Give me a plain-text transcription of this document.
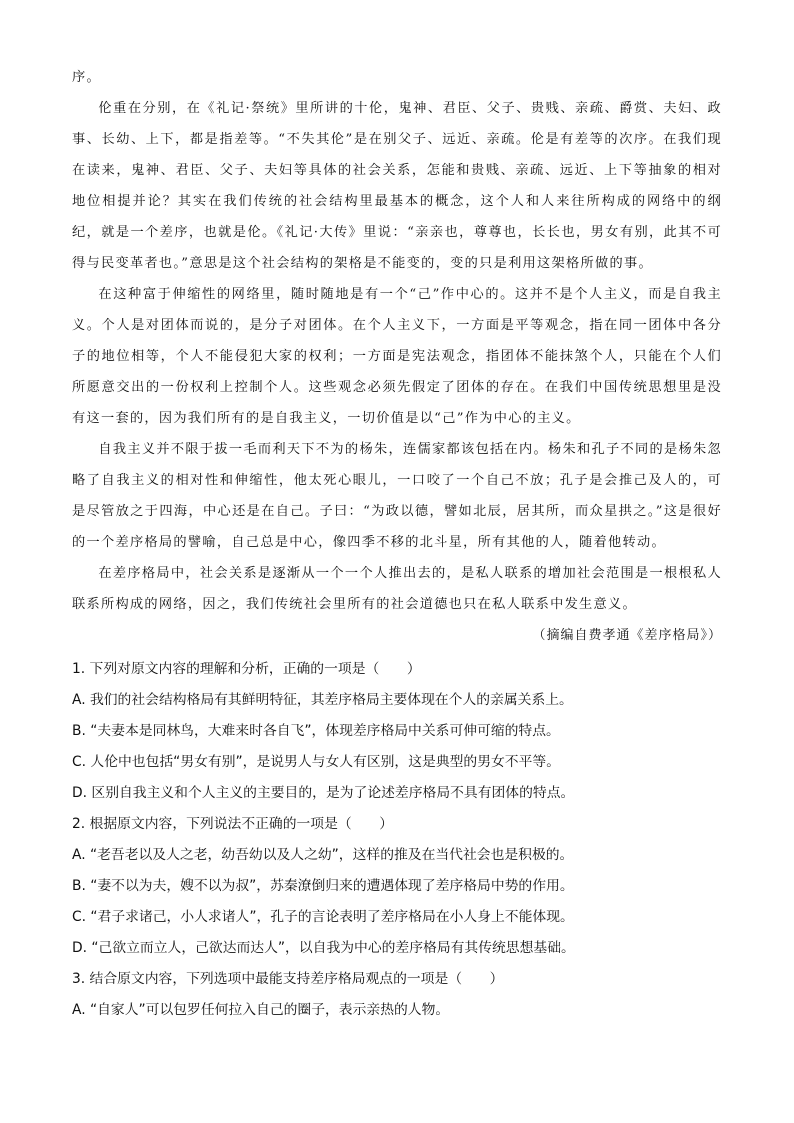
序。

伦重在分别，在《礼记·祭统》里所讲的十伦，鬼神、君臣、父子、贵贱、亲疏、爵赏、夫妇、政事、长幼、上下，都是指差等。“不失其伦”是在别父子、远近、亲疏。伦是有差等的次序。在我们现在读来，鬼神、君臣、父子、夫妇等具体的社会关系，怎能和贵贱、亲疏、远近、上下等抽象的相对地位相提并论？其实在我们传统的社会结构里最基本的概念，这个人和人来往所构成的网络中的纲纪，就是一个差序，也就是伦。《礼记·大传》里说：“亲亲也，尊尊也，长长也，男女有别，此其不可得与民变革者也。”意思是这个社会结构的架格是不能变的，变的只是利用这架格所做的事。

在这种富于伸缩性的网络里，随时随地是有一个“己”作中心的。这并不是个人主义，而是自我主义。个人是对团体而说的，是分子对团体。在个人主义下，一方面是平等观念，指在同一团体中各分子的地位相等，个人不能侵犯大家的权利；一方面是宪法观念，指团体不能抹煞个人，只能在个人们所愿意交出的一份权利上控制个人。这些观念必须先假定了团体的存在。在我们中国传统思想里是没有这一套的，因为我们所有的是自我主义，一切价值是以“己”作为中心的主义。

自我主义并不限于拔一毛而利天下不为的杨朱，连儒家都该包括在内。杨朱和孔子不同的是杨朱忽略了自我主义的相对性和伸缩性，他太死心眼儿，一口咬了一个自己不放；孔子是会推己及人的，可是尽管放之于四海，中心还是在自己。子曰：“为政以德，譬如北辰，居其所，而众星拱之。”这是很好的一个差序格局的譬喻，自己总是中心，像四季不移的北斗星，所有其他的人，随着他转动。

在差序格局中，社会关系是逐渐从一个一个人推出去的，是私人联系的增加社会范围是一根根私人联系所构成的网络，因之，我们传统社会里所有的社会道德也只在私人联系中发生意义。

（摘编自费孝通《差序格局》）

1. 下列对原文内容的理解和分析，正确的一项是（　　）
A. 我们的社会结构格局有其鲜明特征，其差序格局主要体现在个人的亲属关系上。
B. “夫妻本是同林鸟，大难来时各自飞”，体现差序格局中关系可伸可缩的特点。
C. 人伦中也包括“男女有别”，是说男人与女人有区别，这是典型的男女不平等。
D. 区别自我主义和个人主义的主要目的，是为了论述差序格局不具有团体的特点。
2. 根据原文内容，下列说法不正确的一项是（　　）
A. “老吾老以及人之老，幼吾幼以及人之幼”，这样的推及在当代社会也是积极的。
B. “妻不以为夫，嫂不以为叔”，苏秦潦倒归来的遭遇体现了差序格局中势的作用。
C. “君子求诸己，小人求诸人”，孔子的言论表明了差序格局在小人身上不能体现。
D. “己欲立而立人，己欲达而达人”，以自我为中心的差序格局有其传统思想基础。
3. 结合原文内容，下列选项中最能支持差序格局观点的一项是（　　）
A. “自家人”可以包罗任何拉入自己的圈子，表示亲热的人物。
